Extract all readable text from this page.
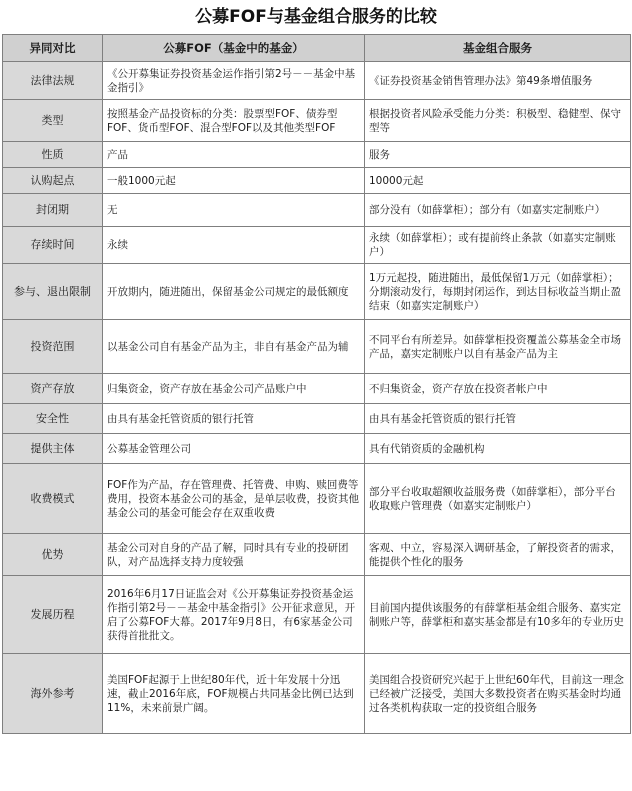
公募FOF与基金组合服务的比较
异同对比	公募FOF（基金中的基金）	基金组合服务
法律法规	《公开募集证券投资基金运作指引第2号－－基金中基金指引》	《证券投资基金销售管理办法》第49条增值服务
类型	按照基金产品投资标的分类：股票型FOF、债券型FOF、货币型FOF、混合型FOF以及其他类型FOF	根据投资者风险承受能力分类：积极型、稳健型、保守型等
性质	产品	服务
认购起点	一般1000元起	10000元起
封闭期	无	部分没有（如薛掌柜）；部分有（如嘉实定制账户）
存续时间	永续	永续（如薛掌柜）；或有提前终止条款（如嘉实定制账户）
参与、退出限制	开放期内，随进随出，保留基金公司规定的最低额度	1万元起投，随进随出，最低保留1万元（如薛掌柜）；分期滚动发行，每期封闭运作，到达目标收益当期止盈结束（如嘉实定制账户）
投资范围	以基金公司自有基金产品为主，非自有基金产品为辅	不同平台有所差异。如薛掌柜投资覆盖公募基金全市场产品，嘉实定制账户以自有基金产品为主
资产存放	归集资金，资产存放在基金公司产品账户中	不归集资金，资产存放在投资者帐户中
安全性	由具有基金托管资质的银行托管	由具有基金托管资质的银行托管
提供主体	公募基金管理公司	具有代销资质的金融机构
收费模式	FOF作为产品，存在管理费、托管费、申购、赎回费等费用，投资本基金公司的基金，是单层收费，投资其他基金公司的基金可能会存在双重收费	部分平台收取超额收益服务费（如薛掌柜），部分平台收取账户管理费（如嘉实定制账户）
优势	基金公司对自身的产品了解，同时具有专业的投研团队，对产品选择支持力度较强	客观、中立，容易深入调研基金，了解投资者的需求，能提供个性化的服务
发展历程	2016年6月17日证监会对《公开募集证券投资基金运作指引第2号－－基金中基金指引》公开征求意见，开启了公募FOF大幕。2017年9月8日，有6家基金公司获得首批批文。	目前国内提供该服务的有薛掌柜基金组合服务、嘉实定制账户等，薛掌柜和嘉实基金都是有10多年的专业历史
海外参考	美国FOF起源于上世纪80年代，近十年发展十分迅速，截止2016年底，FOF规模占共同基金比例已达到11%，未来前景广阔。	美国组合投资研究兴起于上世纪60年代，目前这一理念已经被广泛接受，美国大多数投资者在购买基金时均通过各类机构获取一定的投资组合服务
